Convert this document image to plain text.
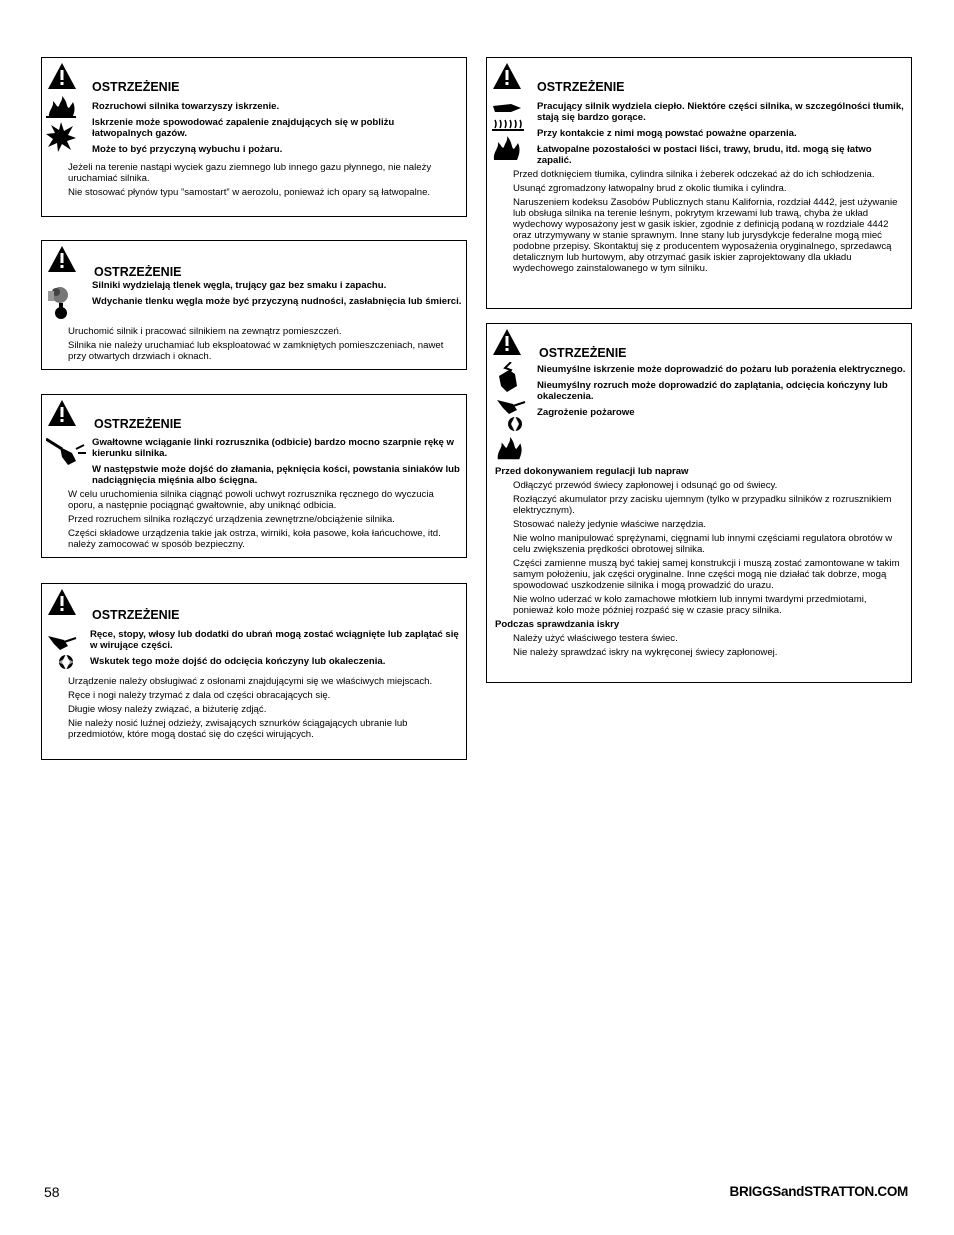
OSTRZEŻENIE

Rozruchowi silnika towarzyszy iskrzenie.

Iskrzenie może spowodować zapalenie znajdujących się w pobliżu łatwopalnych gazów.

Może to być przyczyną wybuchu i pożaru.

Jeżeli na terenie nastąpi wyciek gazu ziemnego lub innego gazu płynnego, nie należy uruchamiać silnika.

Nie stosować płynów typu ”samostart” w aerozolu, ponieważ ich opary są łatwopalne.

OSTRZEŻENIE

Silniki wydzielają tlenek węgla, trujący gaz bez smaku i zapachu.

Wdychanie tlenku węgla może być przyczyną nudności, zasłabnięcia lub śmierci.

Uruchomić silnik i pracować silnikiem na zewnątrz pomieszczeń.

Silnika nie należy uruchamiać lub eksploatować w zamkniętych pomieszczeniach, nawet przy otwartych drzwiach i oknach.

OSTRZEŻENIE

Gwałtowne wciąganie linki rozrusznika (odbicie) bardzo mocno szarpnie rękę w kierunku silnika.

W następstwie może dojść do złamania, pęknięcia kości, powstania siniaków lub nadciągnięcia mięśnia albo ścięgna.

W celu uruchomienia silnika ciągnąć powoli uchwyt rozrusznika ręcznego do wyczucia oporu, a następnie pociągnąć gwałtownie, aby uniknąć odbicia.

Przed rozruchem silnika rozłączyć urządzenia zewnętrzne/obciążenie silnika.

Części składowe urządzenia takie jak ostrza, wirniki, koła pasowe, koła łańcuchowe, itd. należy zamocować w sposób bezpieczny.

OSTRZEŻENIE

Ręce, stopy, włosy lub dodatki do ubrań mogą zostać wciągnięte lub zaplątać się w wirujące części.

Wskutek tego może dojść do odcięcia kończyny lub okaleczenia.

Urządzenie należy obsługiwać z osłonami znajdującymi się we właściwych miejscach.

Ręce i nogi należy trzymać z dala od części obracających się.

Długie włosy należy związać, a biżuterię zdjąć.

Nie należy nosić luźnej odzieży, zwisających sznurków ściągających ubranie lub przedmiotów, które mogą dostać się do części wirujących.

OSTRZEŻENIE

Pracujący silnik wydziela ciepło. Niektóre części silnika, w szczególności tłumik, stają się bardzo gorące.

Przy kontakcie z nimi mogą powstać poważne oparzenia.

Łatwopalne pozostałości w postaci liści, trawy, brudu, itd. mogą się łatwo zapalić.

Przed dotknięciem tłumika, cylindra silnika i żeberek odczekać aż do ich schłodzenia.

Usunąć zgromadzony łatwopalny brud z okolic tłumika i cylindra.

Naruszeniem kodeksu Zasobów Publicznych stanu Kalifornia, rozdział 4442, jest używanie lub obsługa silnika na terenie leśnym, pokrytym krzewami lub trawą, chyba że układ wydechowy wyposażony jest w gasik iskier, zgodnie z definicją podaną w rozdziale 4442 oraz utrzymywany w stanie sprawnym. Inne stany lub jurysdykcje federalne mogą mieć podobne przepisy. Skontaktuj się z producentem wyposażenia oryginalnego, sprzedawcą detalicznym lub hurtowym, aby otrzymać gasik iskier zaprojektowany dla układu wydechowego zainstalowanego w tym silniku.

OSTRZEŻENIE

Nieumyślne iskrzenie może doprowadzić do pożaru lub porażenia elektrycznego.

Nieumyślny rozruch może doprowadzić do zaplątania, odcięcia kończyny lub okaleczenia.

Zagrożenie pożarowe

Przed dokonywaniem regulacji lub napraw

Odłączyć przewód świecy zapłonowej i odsunąć go od świecy.

Rozłączyć akumulator przy zacisku ujemnym (tylko w przypadku silników z rozrusznikiem elektrycznym).

Stosować należy jedynie właściwe narzędzia.

Nie wolno manipulować sprężynami, cięgnami lub innymi częściami regulatora obrotów w celu zwiększenia prędkości obrotowej silnika.

Części zamienne muszą być takiej samej konstrukcji i muszą zostać zamontowane w takim samym położeniu, jak części oryginalne. Inne części mogą nie działać tak dobrze, mogą spowodować uszkodzenie silnika i mogą prowadzić do urazu.

Nie wolno uderzać w koło zamachowe młotkiem lub innymi twardymi przedmiotami, ponieważ koło może później rozpaść się w czasie pracy silnika.

Podczas sprawdzania iskry

Należy użyć właściwego testera świec.

Nie należy sprawdzać iskry na wykręconej świecy zapłonowej.

58	BRIGGSandSTRATTON.COM
